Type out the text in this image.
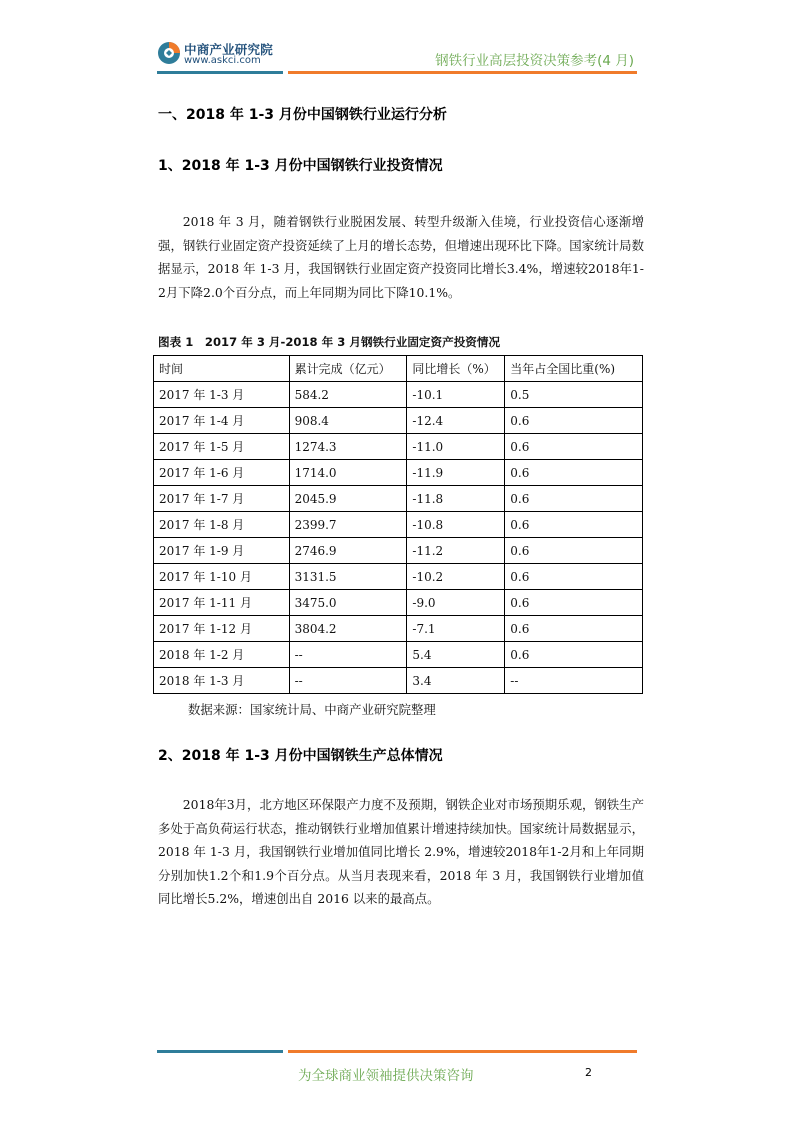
中商产业研究院
www.askci.com	钢铁行业高层投资决策参考(4 月)
一、2018 年 1-3 月份中国钢铁行业运行分析
1、2018 年 1-3 月份中国钢铁行业投资情况
2018 年 3 月，随着钢铁行业脱困发展、转型升级渐入佳境，行业投资信心逐渐增强，钢铁行业固定资产投资延续了上月的增长态势，但增速出现环比下降。国家统计局数据显示，2018 年 1-3 月，我国钢铁行业固定资产投资同比增长3.4%，增速较2018年1-2月下降2.0个百分点，而上年同期为同比下降10.1%。
图表 1　2017 年 3 月-2018 年 3 月钢铁行业固定资产投资情况
时间	累计完成（亿元）	同比增长（%）	当年占全国比重(%)
2017 年 1-3 月	584.2	-10.1	0.5
2017 年 1-4 月	908.4	-12.4	0.6
2017 年 1-5 月	1274.3	-11.0	0.6
2017 年 1-6 月	1714.0	-11.9	0.6
2017 年 1-7 月	2045.9	-11.8	0.6
2017 年 1-8 月	2399.7	-10.8	0.6
2017 年 1-9 月	2746.9	-11.2	0.6
2017 年 1-10 月	3131.5	-10.2	0.6
2017 年 1-11 月	3475.0	-9.0	0.6
2017 年 1-12 月	3804.2	-7.1	0.6
2018 年 1-2 月	--	5.4	0.6
2018 年 1-3 月	--	3.4	--
数据来源：国家统计局、中商产业研究院整理
2、2018 年 1-3 月份中国钢铁生产总体情况
2018年3月，北方地区环保限产力度不及预期，钢铁企业对市场预期乐观，钢铁生产多处于高负荷运行状态，推动钢铁行业增加值累计增速持续加快。国家统计局数据显示，2018 年 1-3 月，我国钢铁行业增加值同比增长 2.9%，增速较2018年1-2月和上年同期分别加快1.2个和1.9个百分点。从当月表现来看，2018 年 3 月，我国钢铁行业增加值同比增长5.2%，增速创出自 2016 以来的最高点。
为全球商业领袖提供决策咨询	2
